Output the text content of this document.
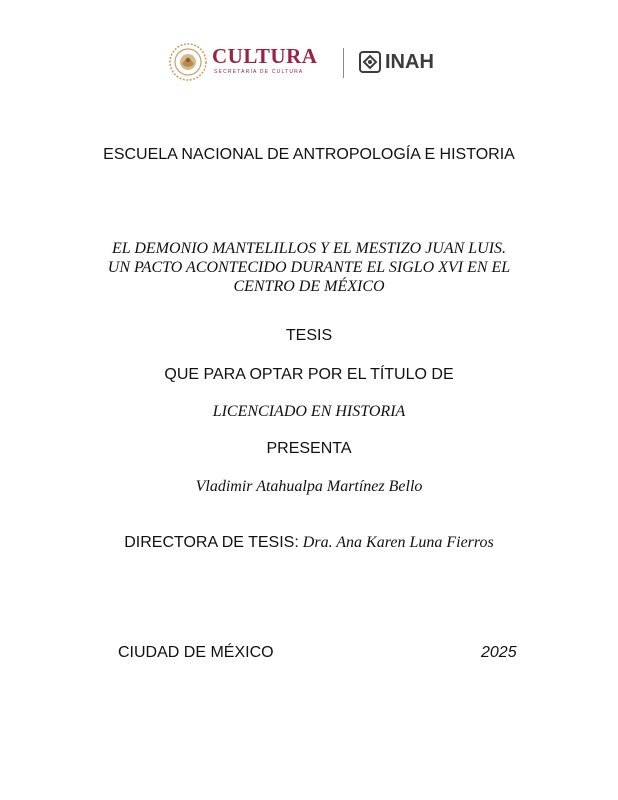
CULTURA
SECRETARÍA DE CULTURA	INAH
ESCUELA NACIONAL DE ANTROPOLOGÍA E HISTORIA
EL DEMONIO MANTELILLOS Y EL MESTIZO JUAN LUIS.
UN PACTO ACONTECIDO DURANTE EL SIGLO XVI EN EL
CENTRO DE MÉXICO
TESIS
QUE PARA OPTAR POR EL TÍTULO DE
LICENCIADO EN HISTORIA
PRESENTA
Vladimir Atahualpa Martínez Bello
DIRECTORA DE TESIS: Dra. Ana Karen Luna Fierros
CIUDAD DE MÉXICO	2025
